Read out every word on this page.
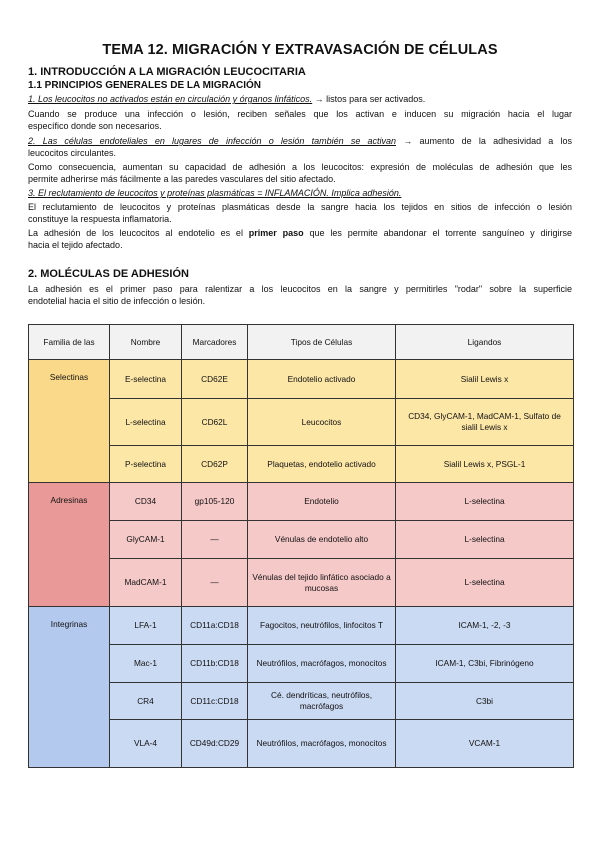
TEMA 12. MIGRACIÓN Y EXTRAVASACIÓN DE CÉLULAS
1. INTRODUCCIÓN A LA MIGRACIÓN LEUCOCITARIA
1.1 PRINCIPIOS GENERALES DE LA MIGRACIÓN
1. Los leucocitos no activados están en circulación y órganos linfáticos. → listos para ser activados.
Cuando se produce una infección o lesión, reciben señales que los activan e inducen su migración hacia el lugar
específico donde son necesarios.
2. Las células endoteliales en lugares de infección o lesión también se activan → aumento de la adhesividad a los
leucocitos circulantes.
Como consecuencia, aumentan su capacidad de adhesión a los leucocitos: expresión de moléculas de adhesión que les
permite adherirse más fácilmente a las paredes vasculares del sitio afectado.
3. El reclutamiento de leucocitos y proteínas plasmáticas = INFLAMACIÓN. Implica adhesión.
El reclutamiento de leucocitos y proteínas plasmáticas desde la sangre hacia los tejidos en sitios de infección o lesión
constituye la respuesta inflamatoria.
La adhesión de los leucocitos al endotelio es el primer paso que les permite abandonar el torrente sanguíneo y dirigirse
hacia el tejido afectado.
2. MOLÉCULAS DE ADHESIÓN
La adhesión es el primer paso para ralentizar a los leucocitos en la sangre y permitirles "rodar" sobre la superficie
endotelial hacia el sitio de infección o lesión.
Familia de las	Nombre	Marcadores	Tipos de Células	Ligandos
Selectinas	E-selectina	CD62E	Endotelio activado	Sialil Lewis x
	L-selectina	CD62L	Leucocitos	CD34, GlyCAM-1, MadCAM-1, Sulfato de sialil Lewis x
	P-selectina	CD62P	Plaquetas, endotelio activado	Sialil Lewis x, PSGL-1
Adresinas	CD34	gp105-120	Endotelio	L-selectina
	GlyCAM-1	—	Vénulas de endotelio alto	L-selectina
	MadCAM-1	—	Vénulas del tejido linfático asociado a mucosas	L-selectina
Integrinas	LFA-1	CD11a:CD18	Fagocitos, neutrófilos, linfocitos T	ICAM-1, -2, -3
	Mac-1	CD11b:CD18	Neutrófilos, macrófagos, monocitos	ICAM-1, C3bi, Fibrinógeno
	CR4	CD11c:CD18	Cé. dendríticas, neutrófilos, macrófagos	C3bi
	VLA-4	CD49d:CD29	Neutrófilos, macrófagos, monocitos	VCAM-1
